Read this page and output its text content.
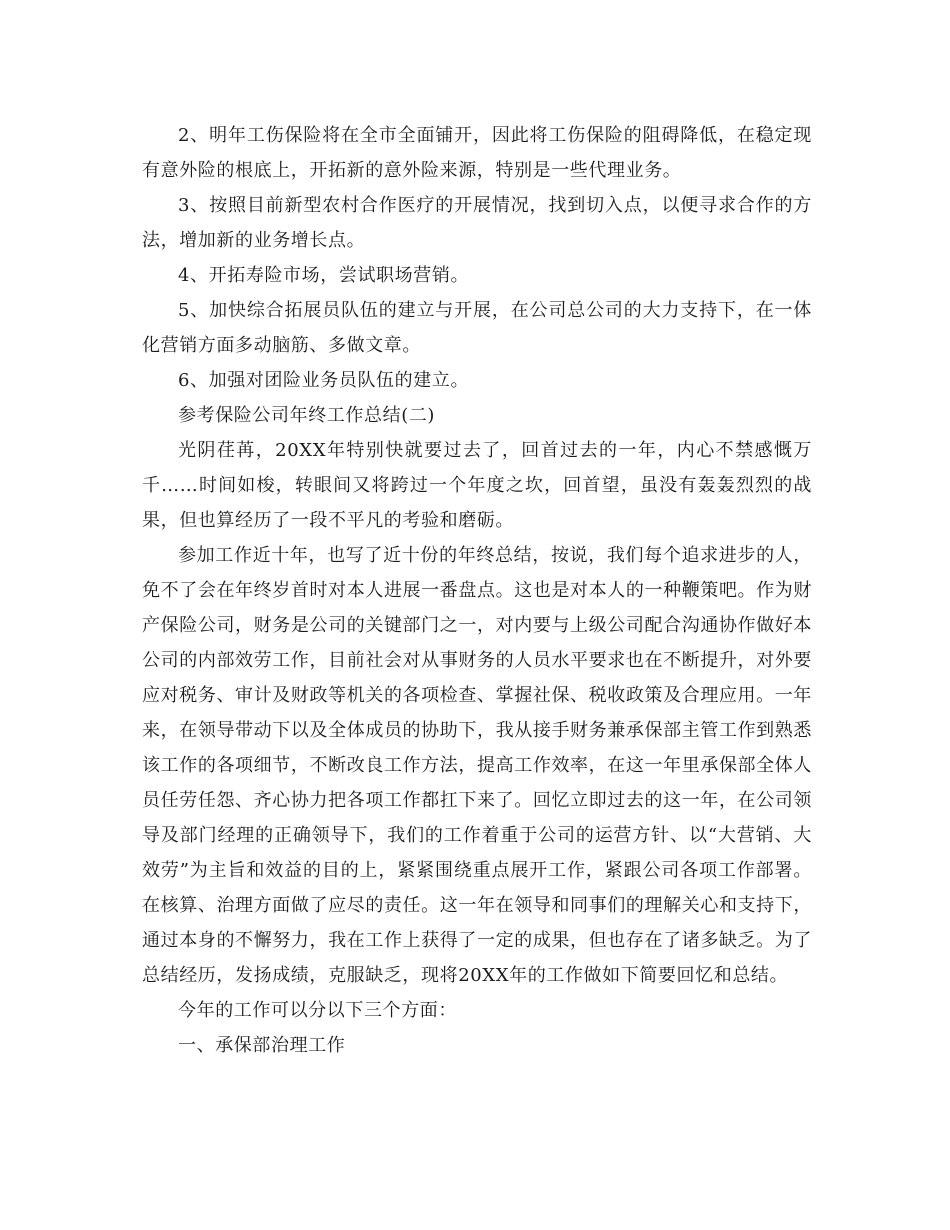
2、明年工伤保险将在全市全面铺开，因此将工伤保险的阻碍降低，在稳定现有意外险的根底上，开拓新的意外险来源，特别是一些代理业务。

3、按照目前新型农村合作医疗的开展情况，找到切入点，以便寻求合作的方法，增加新的业务增长点。

4、开拓寿险市场，尝试职场营销。

5、加快综合拓展员队伍的建立与开展，在公司总公司的大力支持下，在一体化营销方面多动脑筋、多做文章。

6、加强对团险业务员队伍的建立。

参考保险公司年终工作总结(二)

光阴荏苒，20XX年特别快就要过去了，回首过去的一年，内心不禁感慨万千……时间如梭，转眼间又将跨过一个年度之坎，回首望，虽没有轰轰烈烈的战果，但也算经历了一段不平凡的考验和磨砺。

参加工作近十年，也写了近十份的年终总结，按说，我们每个追求进步的人，免不了会在年终岁首时对本人进展一番盘点。这也是对本人的一种鞭策吧。作为财产保险公司，财务是公司的关键部门之一，对内要与上级公司配合沟通协作做好本公司的内部效劳工作，目前社会对从事财务的人员水平要求也在不断提升，对外要应对税务、审计及财政等机关的各项检查、掌握社保、税收政策及合理应用。一年来，在领导带动下以及全体成员的协助下，我从接手财务兼承保部主管工作到熟悉该工作的各项细节，不断改良工作方法，提高工作效率，在这一年里承保部全体人员任劳任怨、齐心协力把各项工作都扛下来了。回忆立即过去的这一年，在公司领导及部门经理的正确领导下，我们的工作着重于公司的运营方针、以“大营销、大效劳”为主旨和效益的目的上，紧紧围绕重点展开工作，紧跟公司各项工作部署。在核算、治理方面做了应尽的责任。这一年在领导和同事们的理解关心和支持下，通过本身的不懈努力，我在工作上获得了一定的成果，但也存在了诸多缺乏。为了总结经历，发扬成绩，克服缺乏，现将20XX年的工作做如下简要回忆和总结。

今年的工作可以分以下三个方面：

一、承保部治理工作
